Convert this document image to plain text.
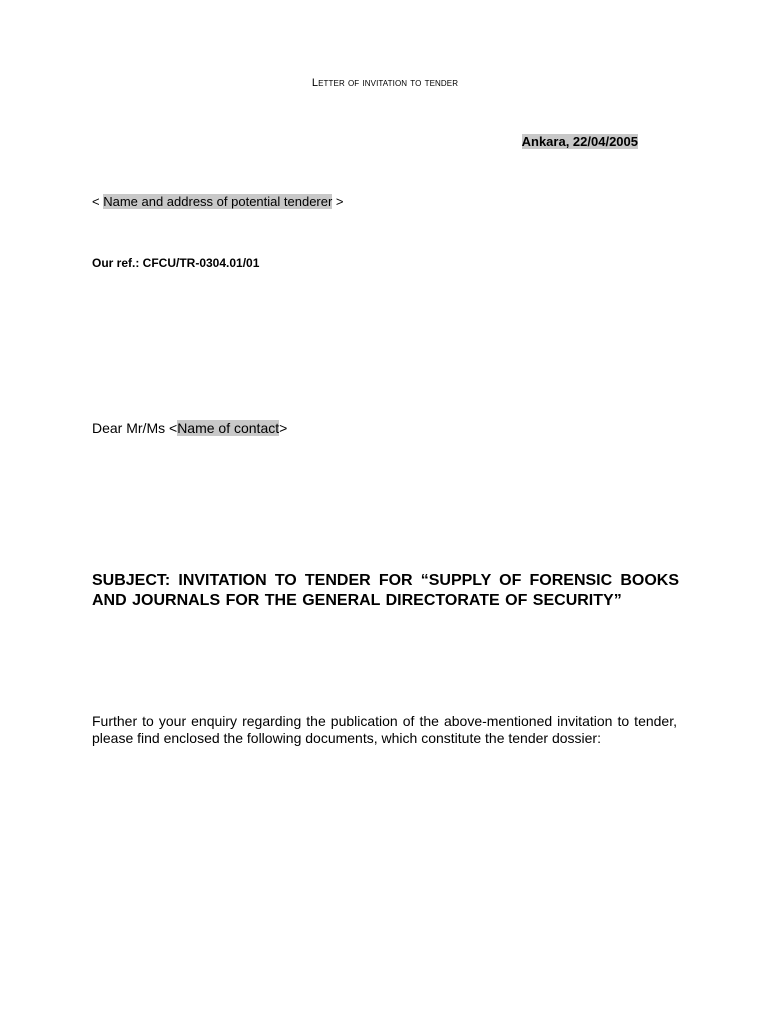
Letter of invitation to tender
Ankara, 22/04/2005
< Name and address of potential tenderer >
Our ref.: CFCU/TR-0304.01/01
Dear Mr/Ms <Name of contact>
SUBJECT: INVITATION TO TENDER FOR “SUPPLY OF FORENSIC BOOKS AND JOURNALS FOR THE GENERAL DIRECTORATE OF SECURITY”
Further to your enquiry regarding the publication of the above-mentioned invitation to tender, please find enclosed the following documents, which constitute the tender dossier:
